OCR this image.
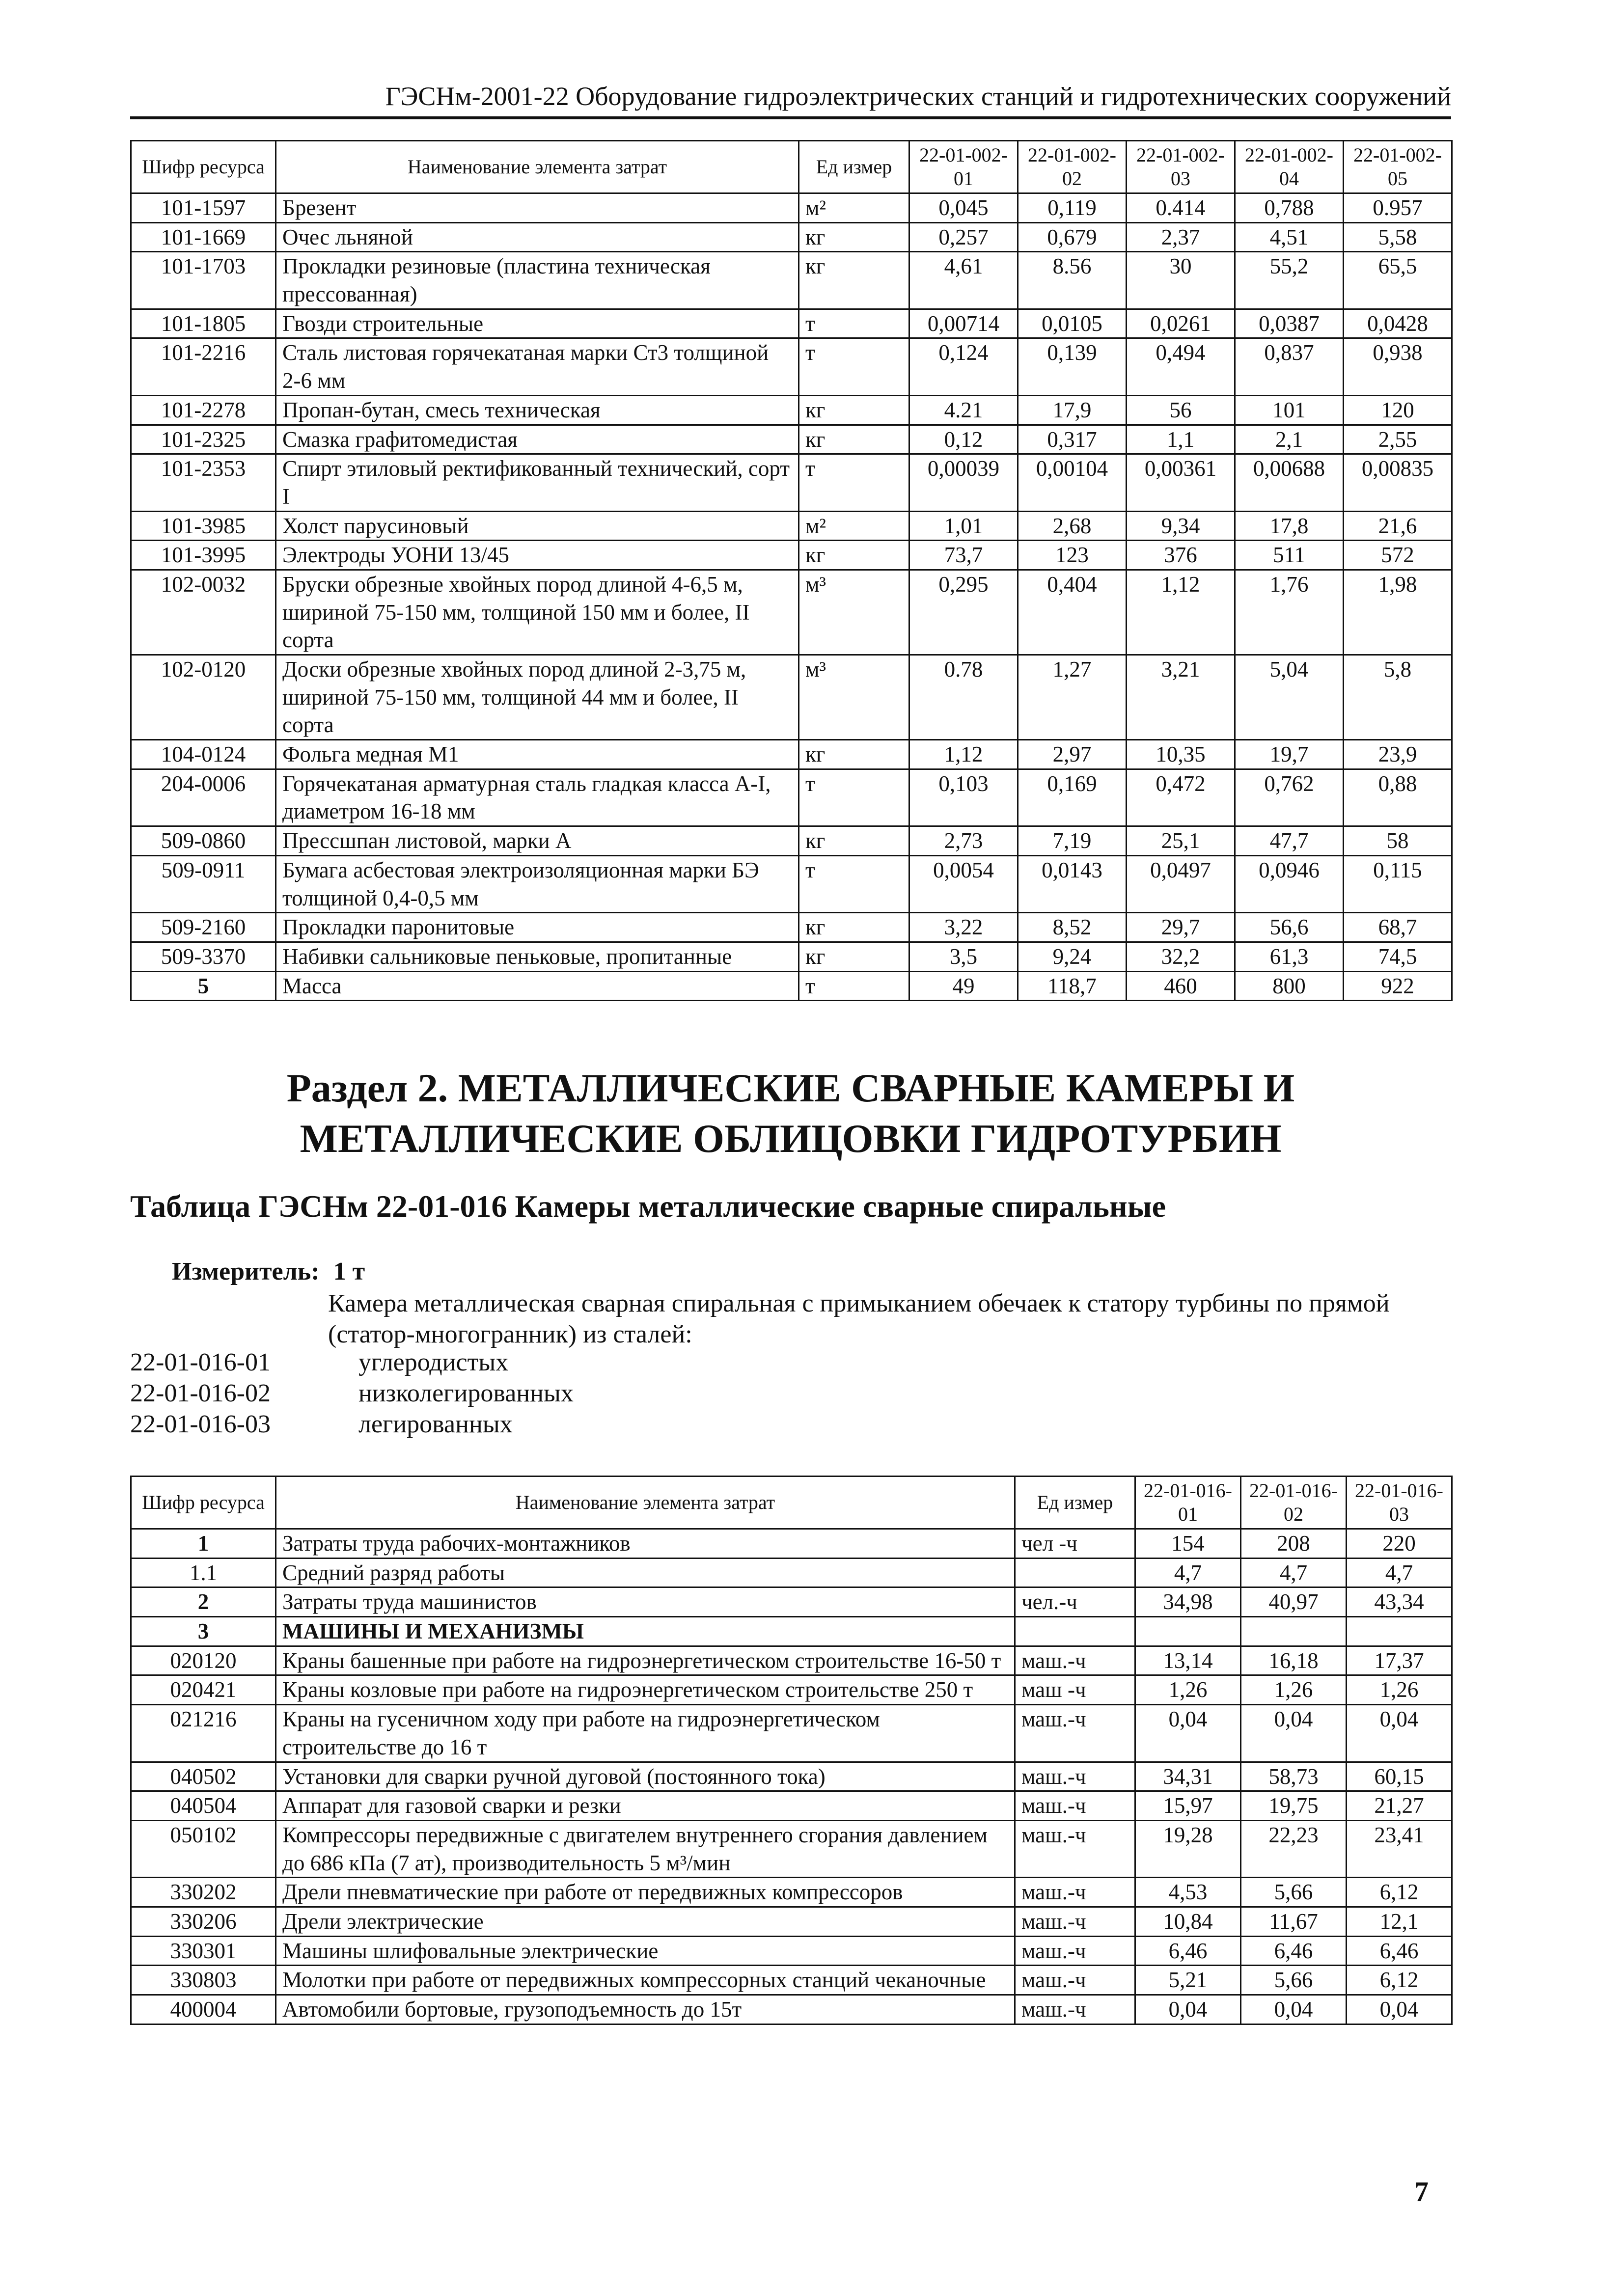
ГЭСНм-2001-22 Оборудование гидроэлектрических станций и гидротехнических сооружений
Шифр ресурса	Наименование элемента затрат	Ед измер	22-01-002-01	22-01-002-02	22-01-002-03	22-01-002-04	22-01-002-05
101-1597	Брезент	м²	0,045	0,119	0.414	0,788	0.957
101-1669	Очес льняной	кг	0,257	0,679	2,37	4,51	5,58
101-1703	Прокладки резиновые (пластина техническая прессованная)	кг	4,61	8.56	30	55,2	65,5
101-1805	Гвозди строительные	т	0,00714	0,0105	0,0261	0,0387	0,0428
101-2216	Сталь листовая горячекатаная марки Ст3 толщиной 2-6 мм	т	0,124	0,139	0,494	0,837	0,938
101-2278	Пропан-бутан, смесь техническая	кг	4.21	17,9	56	101	120
101-2325	Смазка графитомедистая	кг	0,12	0,317	1,1	2,1	2,55
101-2353	Спирт этиловый ректификованный технический, сорт I	т	0,00039	0,00104	0,00361	0,00688	0,00835
101-3985	Холст парусиновый	м²	1,01	2,68	9,34	17,8	21,6
101-3995	Электроды УОНИ 13/45	кг	73,7	123	376	511	572
102-0032	Бруски обрезные хвойных пород длиной 4-6,5 м, шириной 75-150 мм, толщиной 150 мм и более, II сорта	м³	0,295	0,404	1,12	1,76	1,98
102-0120	Доски обрезные хвойных пород длиной 2-3,75 м, шириной 75-150 мм, толщиной 44 мм и более, II сорта	м³	0.78	1,27	3,21	5,04	5,8
104-0124	Фольга медная М1	кг	1,12	2,97	10,35	19,7	23,9
204-0006	Горячекатаная арматурная сталь гладкая класса А-I, диаметром 16-18 мм	т	0,103	0,169	0,472	0,762	0,88
509-0860	Прессшпан листовой, марки А	кг	2,73	7,19	25,1	47,7	58
509-0911	Бумага асбестовая электроизоляционная марки БЭ толщиной 0,4-0,5 мм	т	0,0054	0,0143	0,0497	0,0946	0,115
509-2160	Прокладки паронитовые	кг	3,22	8,52	29,7	56,6	68,7
509-3370	Набивки сальниковые пеньковые, пропитанные	кг	3,5	9,24	32,2	61,3	74,5
5	Масса	т	49	118,7	460	800	922
Раздел 2. МЕТАЛЛИЧЕСКИЕ СВАРНЫЕ КАМЕРЫ И
МЕТАЛЛИЧЕСКИЕ ОБЛИЦОВКИ ГИДРОТУРБИН
Таблица ГЭСНм 22-01-016 Камеры металлические сварные спиральные
Измеритель: 1 т
Камера металлическая сварная спиральная с примыканием обечаек к статору турбины по прямой (статор-многогранник) из сталей:
22-01-016-01	углеродистых
22-01-016-02	низколегированных
22-01-016-03	легированных
Шифр ресурса	Наименование элемента затрат	Ед измер	22-01-016-01	22-01-016-02	22-01-016-03
1	Затраты труда рабочих-монтажников	чел -ч	154	208	220
1.1	Средний разряд работы		4,7	4,7	4,7
2	Затраты труда машинистов	чел.-ч	34,98	40,97	43,34
3	МАШИНЫ И МЕХАНИЗМЫ				
020120	Краны башенные при работе на гидроэнергетическом строительстве 16-50 т	маш.-ч	13,14	16,18	17,37
020421	Краны козловые при работе на гидроэнергетическом строительстве 250 т	маш -ч	1,26	1,26	1,26
021216	Краны на гусеничном ходу при работе на гидроэнергетическом строительстве до 16 т	маш.-ч	0,04	0,04	0,04
040502	Установки для сварки ручной дуговой (постоянного тока)	маш.-ч	34,31	58,73	60,15
040504	Аппарат для газовой сварки и резки	маш.-ч	15,97	19,75	21,27
050102	Компрессоры передвижные с двигателем внутреннего сгорания давлением до 686 кПа (7 ат), производительность 5 м³/мин	маш.-ч	19,28	22,23	23,41
330202	Дрели пневматические при работе от передвижных компрессоров	маш.-ч	4,53	5,66	6,12
330206	Дрели электрические	маш.-ч	10,84	11,67	12,1
330301	Машины шлифовальные электрические	маш.-ч	6,46	6,46	6,46
330803	Молотки при работе от передвижных компрессорных станций чеканочные	маш.-ч	5,21	5,66	6,12
400004	Автомобили бортовые, грузоподъемность до 15т	маш.-ч	0,04	0,04	0,04
7
